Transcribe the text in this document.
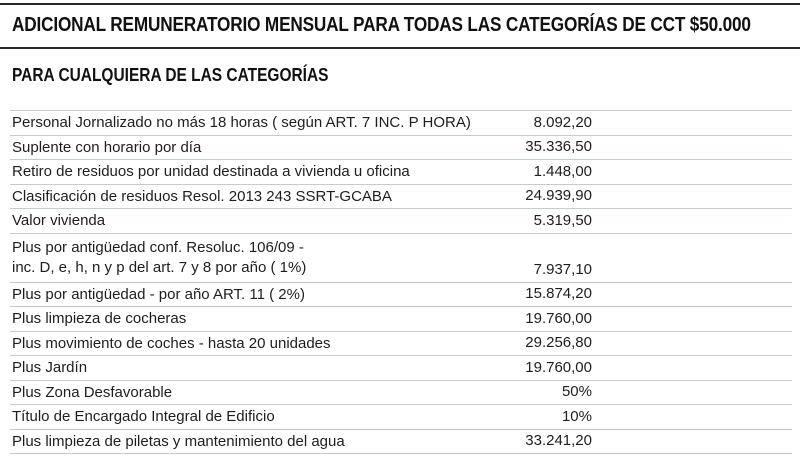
ADICIONAL REMUNERATORIO MENSUAL PARA TODAS LAS CATEGORÍAS DE CCT $50.000
PARA CUALQUIERA DE LAS CATEGORÍAS
Personal Jornalizado no más 18 horas ( según ART. 7 INC. P HORA)	8.092,20
Suplente con horario por día	35.336,50
Retiro de residuos por unidad destinada a vivienda u oficina	1.448,00
Clasificación de residuos Resol. 2013 243 SSRT-GCABA	24.939,90
Valor vivienda	5.319,50
Plus por antigüedad conf. Resoluc. 106/09 -
inc. D, e, h, n y p del art. 7 y 8 por año ( 1%)	7.937,10
Plus por antigüedad - por año ART. 11 ( 2%)	15.874,20
Plus limpieza de cocheras	19.760,00
Plus movimiento de coches - hasta 20 unidades	29.256,80
Plus Jardín	19.760,00
Plus Zona Desfavorable	50%
Título de Encargado Integral de Edificio	10%
Plus limpieza de piletas y mantenimiento del agua	33.241,20
